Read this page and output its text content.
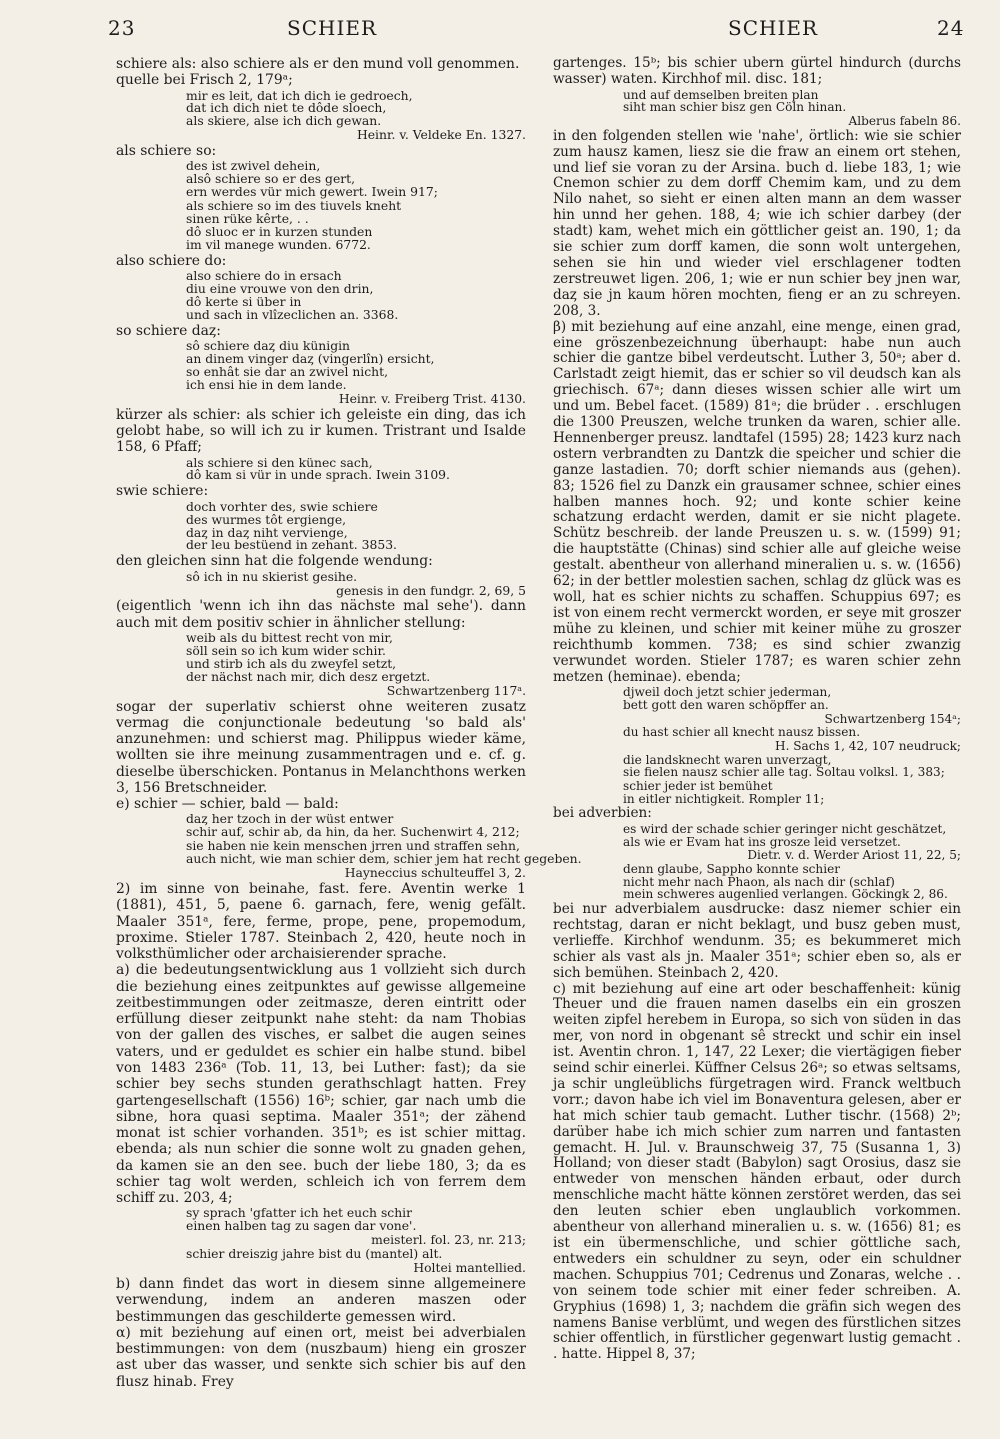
23	SCHIER	SCHIER	24

schiere als: also schiere als er den mund voll genommen.

quelle bei Frisch 2, 179ᵃ;

mir es leit, dat ich dich ie gedroech,
dat ich dich niet te dôde sloech,
als skiere, alse ich dich gewan.
Heinr. v. Veldeke En. 1327.

als schiere so:

des ist zwivel dehein,
alsô schiere so er des gert,
ern werdes vür mich gewert. Iwein 917;
als schiere so im des tiuvels kneht
sinen rüke kêrte, . .
dô sluoc er in kurzen stunden
im vil manege wunden. 6772.

also schiere do:

also schiere do in ersach
diu eine vrouwe von den drin,
dô kerte si über in
und sach in vlîzeclichen an. 3368.

so schiere daȥ:

sô schiere daȥ diu künigin
an dinem vinger daȥ (vingerlîn) ersicht,
so enhât sie dar an zwivel nicht,
ich ensi hie in dem lande.
Heinr. v. Freiberg Trist. 4130.

kürzer als schier: als schier ich geleiste ein ding, das ich gelobt habe, so will ich zu ir kumen. Tristrant und Isalde 158, 6 Pfaff;

als schiere si den künec sach,
dô kam si vür in unde sprach. Iwein 3109.

swie schiere:

doch vorhter des, swie schiere
des wurmes tôt ergienge,
daȥ in daȥ niht vervienge,
der leu bestüend in zehant. 3853.

den gleichen sinn hat die folgende wendung:

sô ich in nu skierist gesihe.
genesis in den fundgr. 2, 69, 5

(eigentlich 'wenn ich ihn das nächste mal sehe'). dann auch mit dem positiv schier in ähnlicher stellung:

weib als du bittest recht von mir,
söll sein so ich kum wider schir.
und stirb ich als du zweyfel setzt,
der nächst nach mir, dich desz ergetzt.
Schwartzenberg 117ᵃ.

sogar der superlativ schierst ohne weiteren zusatz vermag die conjunctionale bedeutung 'so bald als' anzunehmen: und schierst mag. Philippus wieder käme, wollten sie ihre meinung zusammentragen und e. cf. g. dieselbe überschicken. Pontanus in Melanchthons werken 3, 156 Bretschneider.

e) schier — schier, bald — bald:

daȥ her tzoch in der wüst entwer
schir auf, schir ab, da hin, da her. Suchenwirt 4, 212;
sie haben nie kein menschen jrren und straffen sehn,
auch nicht, wie man schier dem, schier jem hat recht gegeben.
Hayneccius schulteuffel 3, 2.

2) im sinne von beinahe, fast. fere. Aventin werke 1 (1881), 451, 5, paene 6. garnach, fere, wenig gefält. Maaler 351ᵃ, fere, ferme, prope, pene, propemodum, proxime. Stieler 1787. Steinbach 2, 420, heute noch in volksthümlicher oder archaisierender sprache.

a) die bedeutungsentwicklung aus 1 vollzieht sich durch die beziehung eines zeitpunktes auf gewisse allgemeine zeitbestimmungen oder zeitmasze, deren eintritt oder erfüllung dieser zeitpunkt nahe steht: da nam Thobias von der gallen des visches, er salbet die augen seines vaters, und er geduldet es schier ein halbe stund. bibel von 1483 236ᵃ (Tob. 11, 13, bei Luther: fast); da sie schier bey sechs stunden gerathschlagt hatten. Frey gartengesellschaft (1556) 16ᵇ; schier, gar nach umb die sibne, hora quasi septima. Maaler 351ᵃ; der zähend monat ist schier vorhanden. 351ᵇ; es ist schier mittag. ebenda; als nun schier die sonne wolt zu gnaden gehen, da kamen sie an den see. buch der liebe 180, 3; da es schier tag wolt werden, schleich ich von ferrem dem schiff zu. 203, 4;

sy sprach 'gfatter ich het euch schir
einen halben tag zu sagen dar vone'.
meisterl. fol. 23, nr. 213;
schier dreiszig jahre bist du (mantel) alt.
Holtei mantellied.

b) dann findet das wort in diesem sinne allgemeinere verwendung, indem an anderen maszen oder bestimmungen das geschilderte gemessen wird.

α) mit beziehung auf einen ort, meist bei adverbialen bestimmungen: von dem (nuszbaum) hieng ein groszer ast uber das wasser, und senkte sich schier bis auf den flusz hinab. Frey

gartenges. 15ᵇ; bis schier ubern gürtel hindurch (durchs wasser) waten. Kirchhof mil. disc. 181;

und auf demselben breiten plan
siht man schier bisz gen Cöln hinan.
Alberus fabeln 86.

in den folgenden stellen wie 'nahe', örtlich: wie sie schier zum hausz kamen, liesz sie die fraw an einem ort stehen, und lief sie voran zu der Arsina. buch d. liebe 183, 1; wie Cnemon schier zu dem dorff Chemim kam, und zu dem Nilo nahet, so sieht er einen alten mann an dem wasser hin unnd her gehen. 188, 4; wie ich schier darbey (der stadt) kam, wehet mich ein göttlicher geist an. 190, 1; da sie schier zum dorff kamen, die sonn wolt untergehen, sehen sie hin und wieder viel erschlagener todten zerstreuwet ligen. 206, 1; wie er nun schier bey jnen war, daȥ sie jn kaum hören mochten, fieng er an zu schreyen. 208, 3.

β) mit beziehung auf eine anzahl, eine menge, einen grad, eine gröszenbezeichnung überhaupt: habe nun auch schier die gantze bibel verdeutscht. Luther 3, 50ᵃ; aber d. Carlstadt zeigt hiemit, das er schier so vil deudsch kan als griechisch. 67ᵃ; dann dieses wissen schier alle wirt um und um. Bebel facet. (1589) 81ᵃ; die brüder . . erschlugen die 1300 Preuszen, welche trunken da waren, schier alle. Hennenberger preusz. landtafel (1595) 28; 1423 kurz nach ostern verbrandten zu Dantzk die speicher und schier die ganze lastadien. 70; dorft schier niemands aus (gehen). 83; 1526 fiel zu Danzk ein grausamer schnee, schier eines halben mannes hoch. 92; und konte schier keine schatzung erdacht werden, damit er sie nicht plagete. Schütz beschreib. der lande Preuszen u. s. w. (1599) 91; die hauptstätte (Chinas) sind schier alle auf gleiche weise gestalt. abentheur von allerhand mineralien u. s. w. (1656) 62; in der bettler molestien sachen, schlag dz glück was es woll, hat es schier nichts zu schaffen. Schuppius 697; es ist von einem recht vermerckt worden, er seye mit groszer mühe zu kleinen, und schier mit keiner mühe zu groszer reichthumb kommen. 738; es sind schier zwanzig verwundet worden. Stieler 1787; es waren schier zehn metzen (heminae). ebenda;

djweil doch jetzt schier jederman,
bett gott den waren schöpffer an.
Schwartzenberg 154ᵃ;
du hast schier all knecht nausz bissen.
H. Sachs 1, 42, 107 neudruck;
die landsknecht waren unverzagt,
sie fielen nausz schier alle tag. Soltau volksl. 1, 383;
schier jeder ist bemühet
in eitler nichtigkeit. Rompler 11;

bei adverbien:

es wird der schade schier geringer nicht geschätzet,
als wie er Evam hat ins grosze leid versetzet.
Dietr. v. d. Werder Ariost 11, 22, 5;
denn glaube, Sappho konnte schier
nicht mehr nach Phaon, als nach dir (schlaf)
mein schweres augenlied verlangen. Göckingk 2, 86.

bei nur adverbialem ausdrucke: dasz niemer schier ein rechtstag, daran er nicht beklagt, und busz geben must, verlieffe. Kirchhof wendunm. 35; es bekummeret mich schier als vast als jn. Maaler 351ᵃ; schier eben so, als er sich bemühen. Steinbach 2, 420.

c) mit beziehung auf eine art oder beschaffenheit: künig Theuer und die frauen namen daselbs ein ein groszen weiten zipfel herebem in Europa, so sich von süden in das mer, von nord in obgenant sê streckt und schir ein insel ist. Aventin chron. 1, 147, 22 Lexer; die viertägigen fieber seind schir einerlei. Küffner Celsus 26ᵃ; so etwas seltsams, ja schir ungleüblichs fürgetragen wird. Franck weltbuch vorr.; davon habe ich viel im Bonaventura gelesen, aber er hat mich schier taub gemacht. Luther tischr. (1568) 2ᵇ; darüber habe ich mich schier zum narren und fantasten gemacht. H. Jul. v. Braunschweig 37, 75 (Susanna 1, 3) Holland; von dieser stadt (Babylon) sagt Orosius, dasz sie entweder von menschen händen erbaut, oder durch menschliche macht hätte können zerstöret werden, das sei den leuten schier eben unglaublich vorkommen. abentheur von allerhand mineralien u. s. w. (1656) 81; es ist ein übermenschliche, und schier göttliche sach, entweders ein schuldner zu seyn, oder ein schuldner machen. Schuppius 701; Cedrenus und Zonaras, welche . . von seinem tode schier mit einer feder schreiben. A. Gryphius (1698) 1, 3; nachdem die gräfin sich wegen des namens Banise verblümt, und wegen des fürstlichen sitzes schier offentlich, in fürstlicher gegenwart lustig gemacht . . hatte. Hippel 8, 37;
